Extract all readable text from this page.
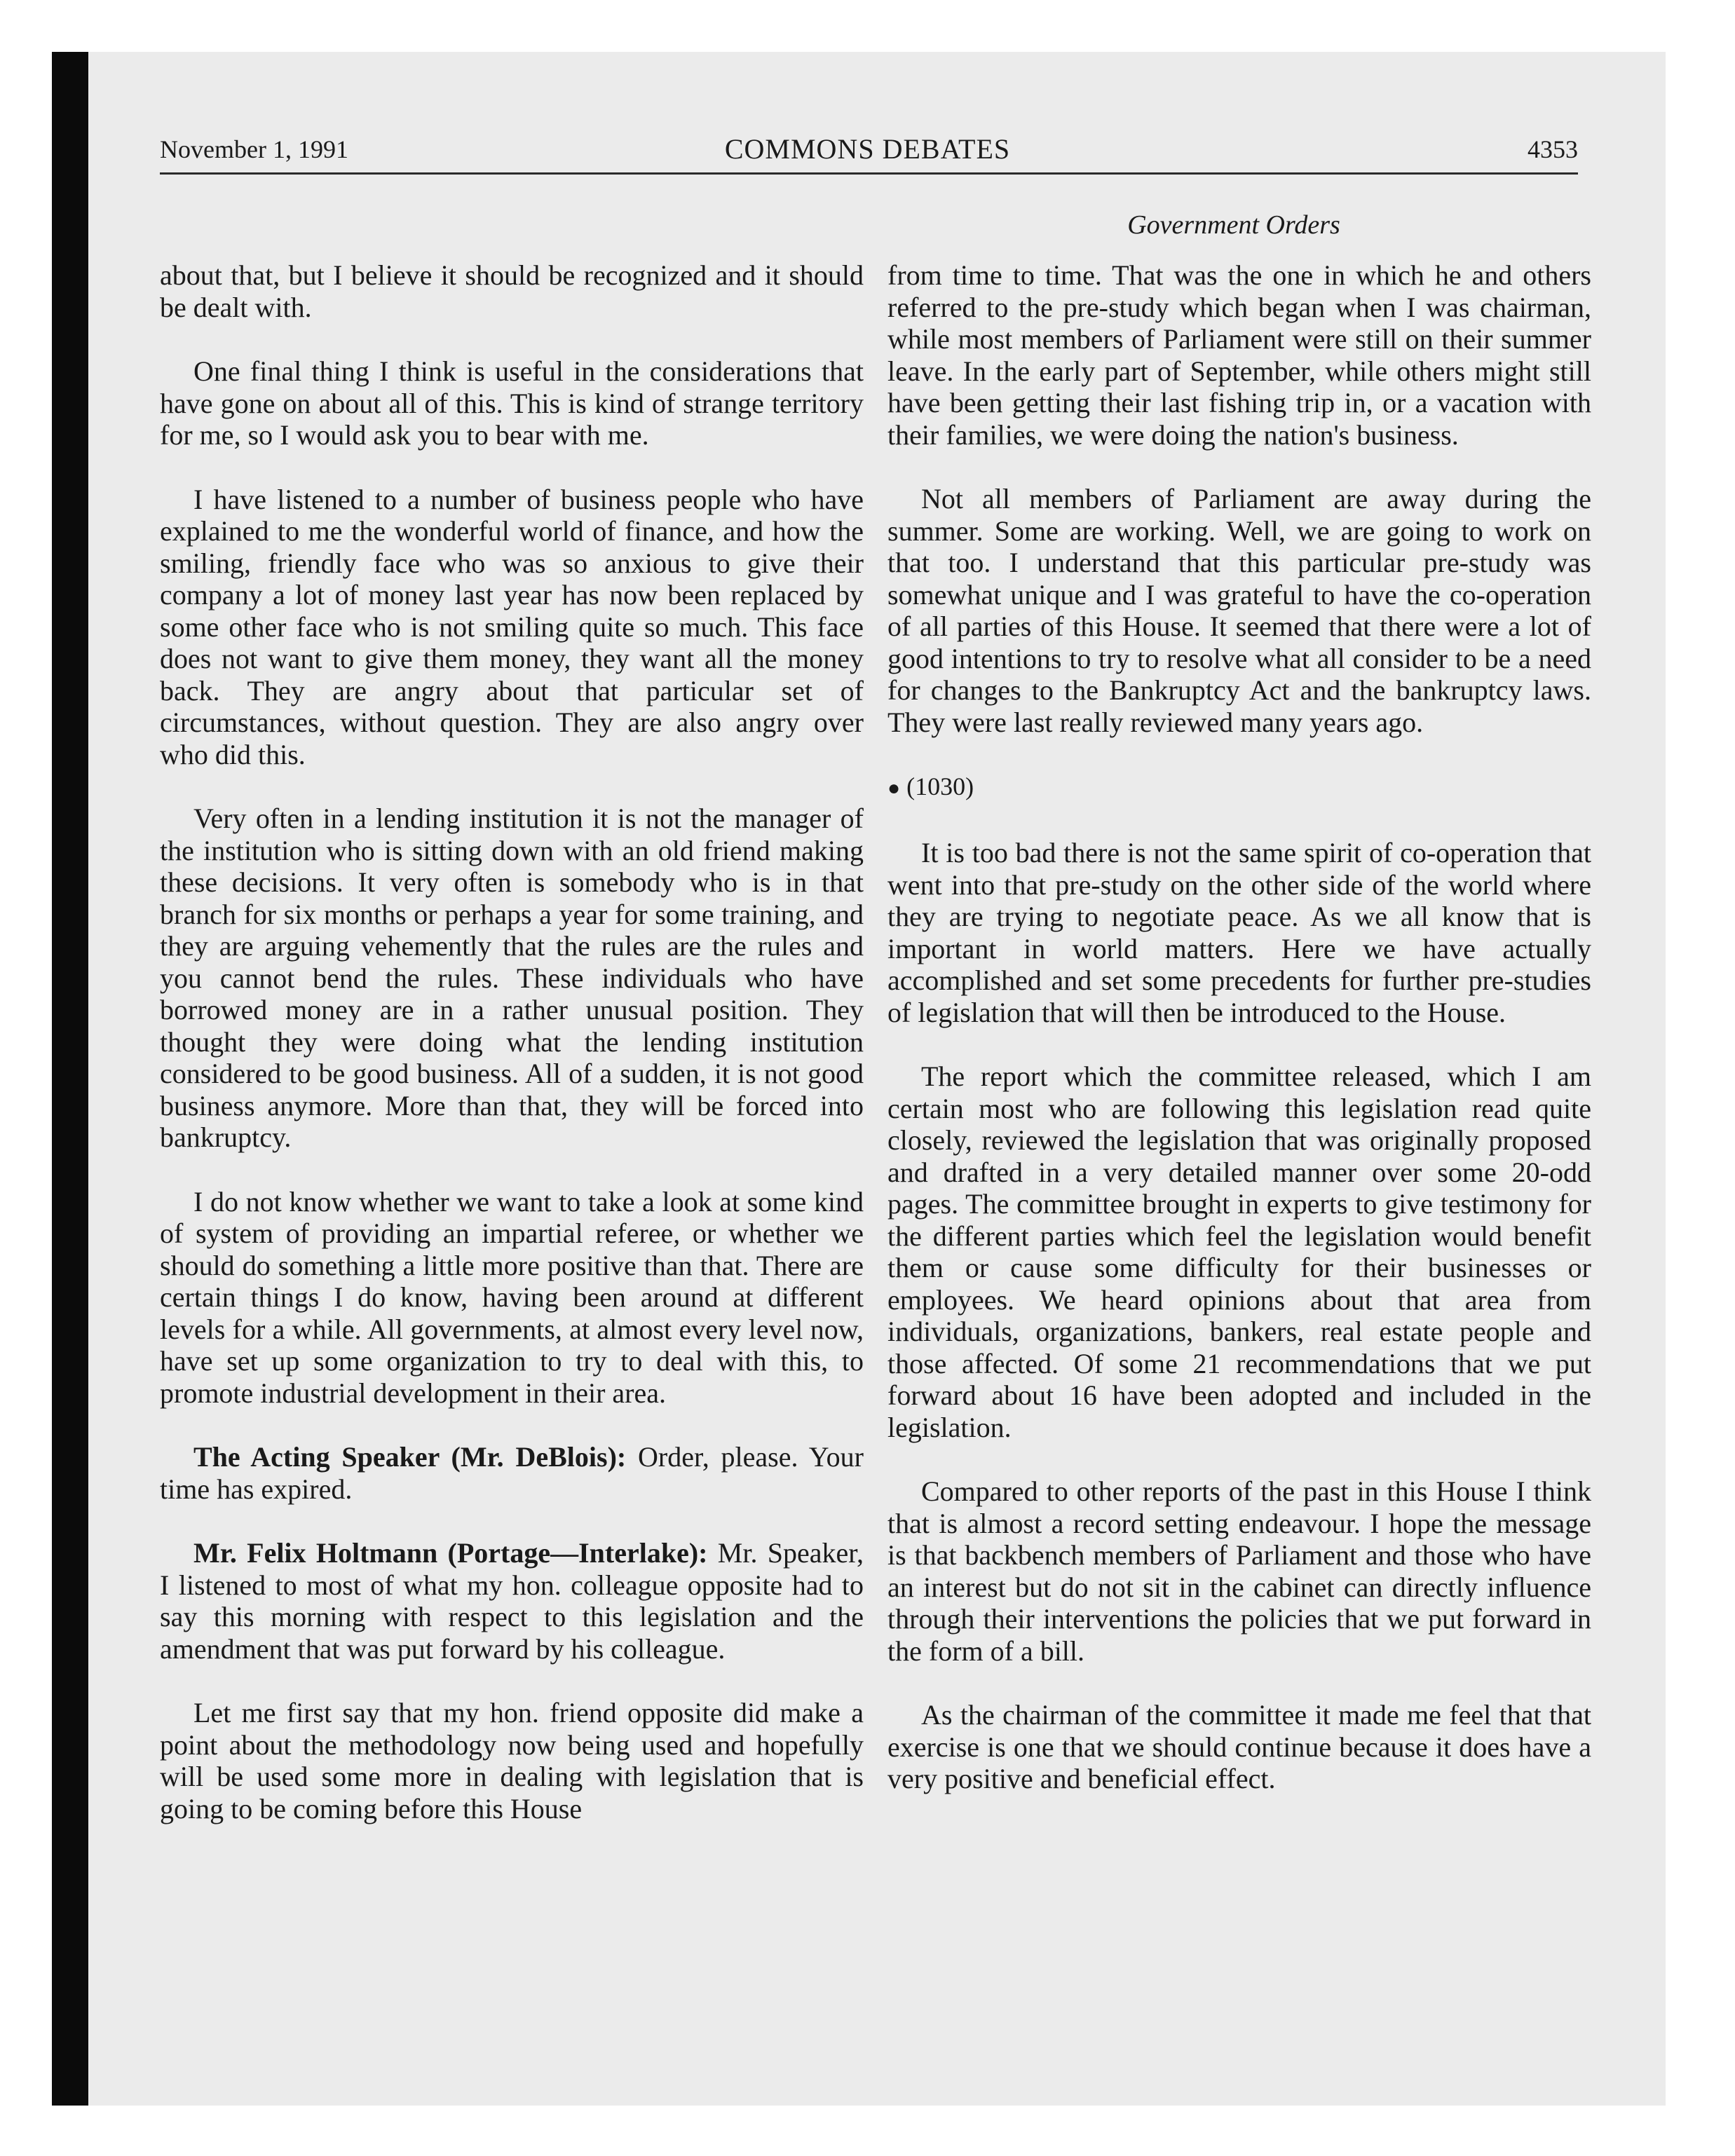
November 1, 1991	COMMONS DEBATES	4353
Government Orders

about that, but I believe it should be recognized and it should be dealt with.

One final thing I think is useful in the considerations that have gone on about all of this. This is kind of strange territory for me, so I would ask you to bear with me.

I have listened to a number of business people who have explained to me the wonderful world of finance, and how the smiling, friendly face who was so anxious to give their company a lot of money last year has now been replaced by some other face who is not smiling quite so much. This face does not want to give them money, they want all the money back. They are angry about that particular set of circumstances, without question. They are also angry over who did this.

Very often in a lending institution it is not the manager of the institution who is sitting down with an old friend making these decisions. It very often is somebody who is in that branch for six months or perhaps a year for some training, and they are arguing vehemently that the rules are the rules and you cannot bend the rules. These individuals who have borrowed money are in a rather unusual position. They thought they were doing what the lending institution considered to be good business. All of a sudden, it is not good business anymore. More than that, they will be forced into bankruptcy.

I do not know whether we want to take a look at some kind of system of providing an impartial referee, or whether we should do something a little more positive than that. There are certain things I do know, having been around at different levels for a while. All governments, at almost every level now, have set up some organization to try to deal with this, to promote industrial development in their area.

The Acting Speaker (Mr. DeBlois): Order, please. Your time has expired.

Mr. Felix Holtmann (Portage—Interlake): Mr. Speaker, I listened to most of what my hon. colleague opposite had to say this morning with respect to this legislation and the amendment that was put forward by his colleague.

Let me first say that my hon. friend opposite did make a point about the methodology now being used and hopefully will be used some more in dealing with legislation that is going to be coming before this House

from time to time. That was the one in which he and others referred to the pre-study which began when I was chairman, while most members of Parliament were still on their summer leave. In the early part of September, while others might still have been getting their last fishing trip in, or a vacation with their families, we were doing the nation's business.

Not all members of Parliament are away during the summer. Some are working. Well, we are going to work on that too. I understand that this particular pre-study was somewhat unique and I was grateful to have the co-operation of all parties of this House. It seemed that there were a lot of good intentions to try to resolve what all consider to be a need for changes to the Bankruptcy Act and the bankruptcy laws. They were last really reviewed many years ago.

● (1030)

It is too bad there is not the same spirit of co-operation that went into that pre-study on the other side of the world where they are trying to negotiate peace. As we all know that is important in world matters. Here we have actually accomplished and set some precedents for further pre-studies of legislation that will then be introduced to the House.

The report which the committee released, which I am certain most who are following this legislation read quite closely, reviewed the legislation that was originally proposed and drafted in a very detailed manner over some 20-odd pages. The committee brought in experts to give testimony for the different parties which feel the legislation would benefit them or cause some difficulty for their businesses or employees. We heard opinions about that area from individuals, organizations, bankers, real estate people and those affected. Of some 21 recommendations that we put forward about 16 have been adopted and included in the legislation.

Compared to other reports of the past in this House I think that is almost a record setting endeavour. I hope the message is that backbench members of Parliament and those who have an interest but do not sit in the cabinet can directly influence through their interventions the policies that we put forward in the form of a bill.

As the chairman of the committee it made me feel that that exercise is one that we should continue because it does have a very positive and beneficial effect.
